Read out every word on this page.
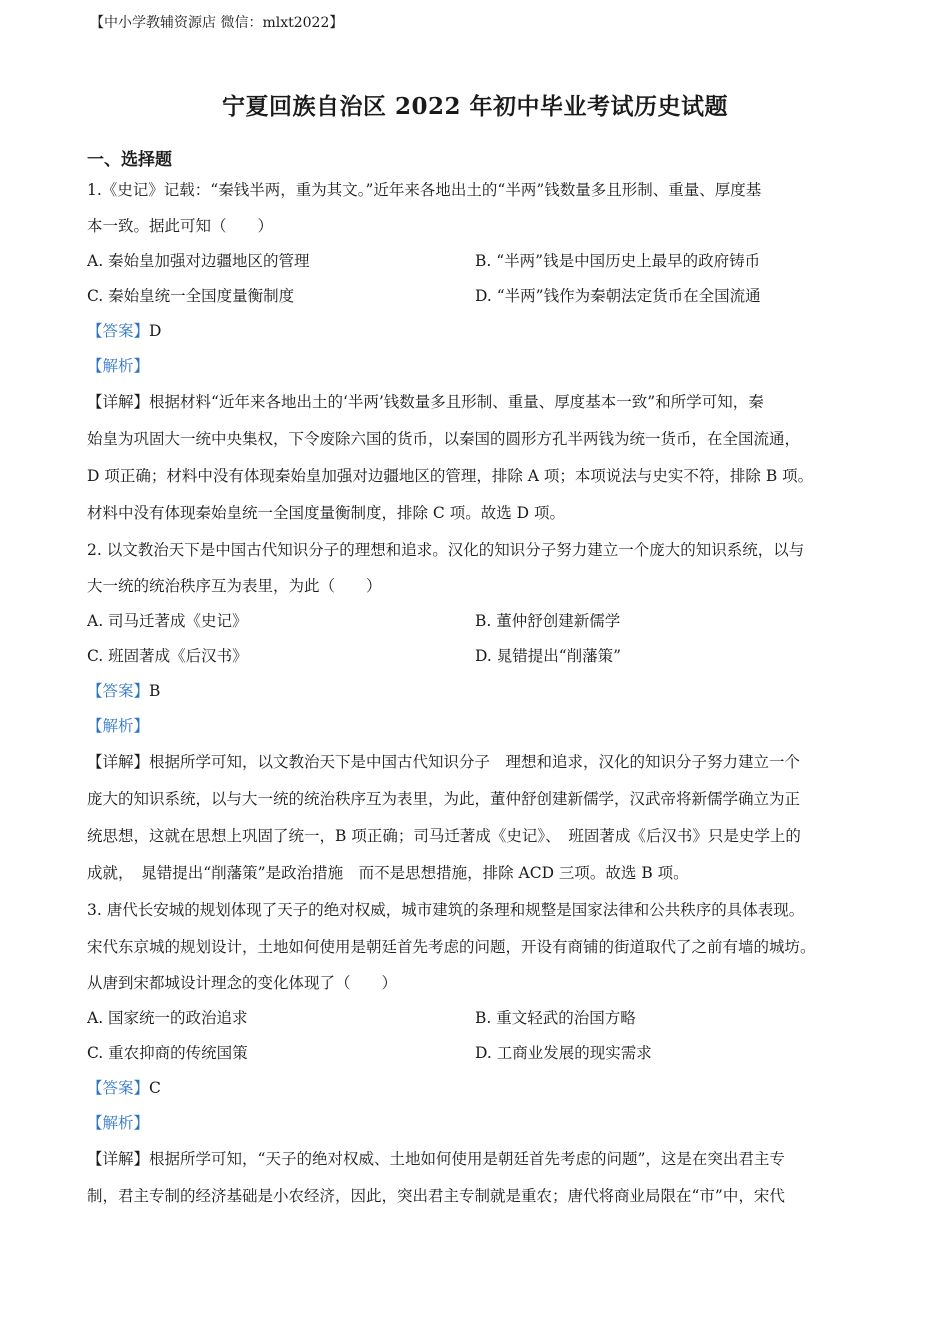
【中小学教辅资源店 微信：mlxt2022】
宁夏回族自治区 2022 年初中毕业考试历史试题
一、选择题
1.《史记》记载：“秦钱半两，重为其文。”近年来各地出土的“半两”钱数量多且形制、重量、厚度基
本一致。据此可知（　　）
A. 秦始皇加强对边疆地区的管理	B. “半两”钱是中国历史上最早的政府铸币
C. 秦始皇统一全国度量衡制度	D. “半两”钱作为秦朝法定货币在全国流通
【答案】D
【解析】
【详解】根据材料“近年来各地出土的‘半两’钱数量多且形制、重量、厚度基本一致”和所学可知，秦
始皇为巩固大一统中央集权，下令废除六国的货币，以秦国的圆形方孔半两钱为统一货币，在全国流通，
D 项正确；材料中没有体现秦始皇加强对边疆地区的管理，排除 A 项；本项说法与史实不符，排除 B 项。
材料中没有体现秦始皇统一全国度量衡制度，排除 C 项。故选 D 项。
2. 以文教治天下是中国古代知识分子的理想和追求。汉化的知识分子努力建立一个庞大的知识系统，以与
大一统的统治秩序互为表里，为此（　　）
A. 司马迁著成《史记》	B. 董仲舒创建新儒学
C. 班固著成《后汉书》	D. 晁错提出“削藩策”
【答案】B
【解析】
【详解】根据所学可知，以文教治天下是中国古代知识分子　理想和追求，汉化的知识分子努力建立一个
庞大的知识系统，以与大一统的统治秩序互为表里，为此，董仲舒创建新儒学，汉武帝将新儒学确立为正
统思想，这就在思想上巩固了统一，B 项正确；司马迁著成《史记》、　班固著成《后汉书》只是史学上的
成就，　晁错提出“削藩策”是政治措施　而不是思想措施，排除 ACD 三项。故选 B 项。
3. 唐代长安城的规划体现了天子的绝对权威，城市建筑的条理和规整是国家法律和公共秩序的具体表现。
宋代东京城的规划设计，土地如何使用是朝廷首先考虑的问题，开设有商铺的街道取代了之前有墙的城坊。
从唐到宋都城设计理念的变化体现了（　　）
A. 国家统一的政治追求	B. 重文轻武的治国方略
C. 重农抑商的传统国策	D. 工商业发展的现实需求
【答案】C
【解析】
【详解】根据所学可知，“天子的绝对权威、土地如何使用是朝廷首先考虑的问题”，这是在突出君主专
制，君主专制的经济基础是小农经济，因此，突出君主专制就是重农；唐代将商业局限在“市”中，宋代
